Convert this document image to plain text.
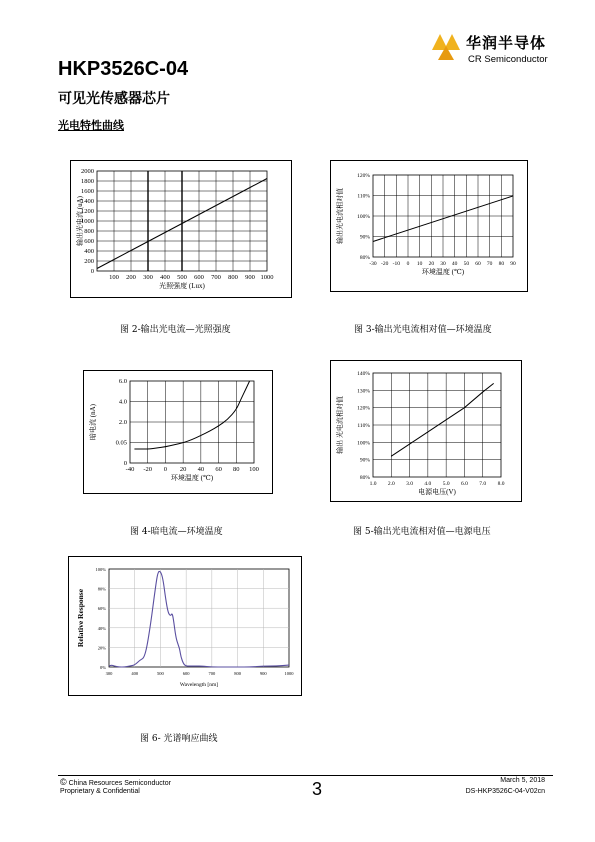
华润半导体
CR Semiconductor
HKP3526C-04
可见光传感器芯片
光电特性曲线
2000
1800
1600
1400
1200
1000
800
600
400
200
0
100 200 300 400 500 600 700 800 900 1000
光照强度 (Lux)
输出光电流 (uA)
图 2-输出光电流—光照强度
120%
110%
100%
90%
80%
-30 -20 -10 0 10 20 30 40 50 60 70 80 90
环境温度 (℃)
输出光电流相对值
图 3-输出光电流相对值—环境温度
6.0
4.0
2.0
0.05
0
-40 -20 0 20 40 60 80 100
环境温度 (℃)
暗电流 (nA)
图 4-暗电流—环境温度
140%
130%
120%
110%
100%
90%
80%
1.0 2.0 3.0 4.0 5.0 6.0 7.0 8.0
电源电压(V)
输出 光电流相对值
图 5-输出光电流相对值—电源电压
100%
80%
60%
40%
20%
0%
300	400	500	600	700	800	900	1000
Wavelength [nm]
Relative Response
图 6- 光谱响应曲线
© China Resources Semiconductor
Proprietary & Confidential	3	March 5, 2018
DS-HKP3526C-04-V02cn
